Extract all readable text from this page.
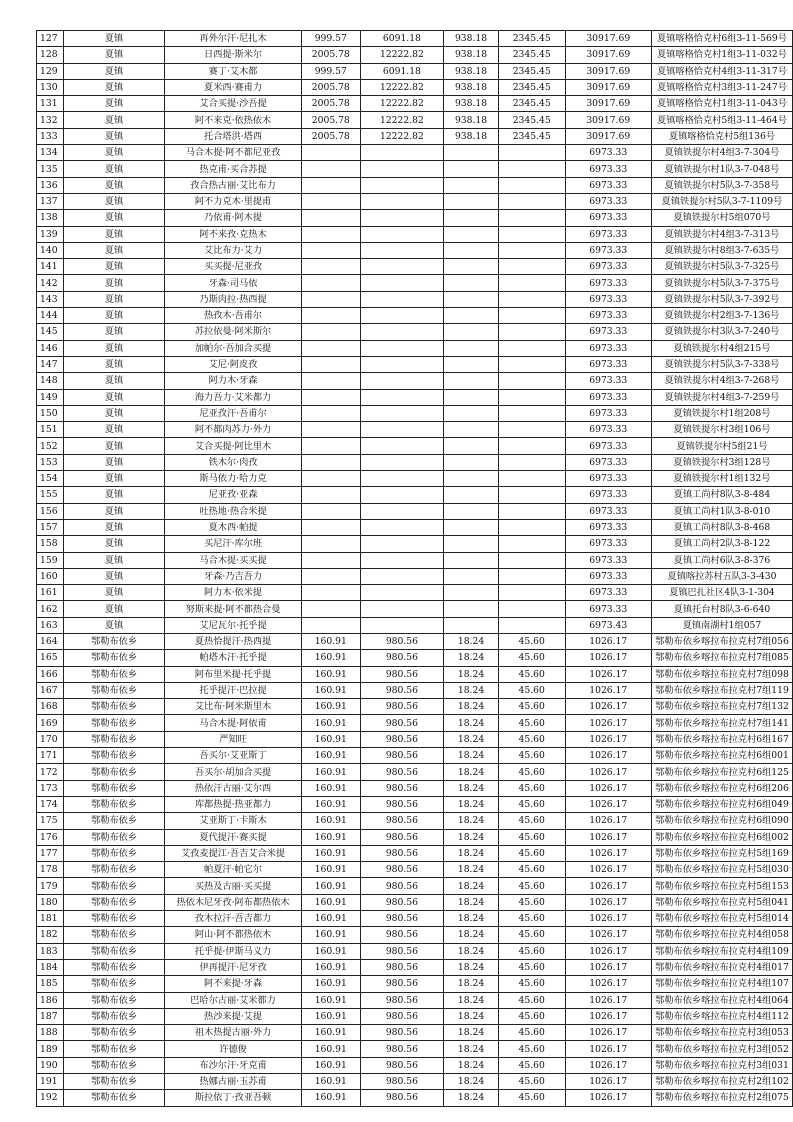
127	夏镇	再外尔汗·尼扎木	999.57	6091.18	938.18	2345.45	30917.69	夏镇喀格恰克村6组3-11-569号
128	夏镇	日西提·斯米尔	2005.78	12222.82	938.18	2345.45	30917.69	夏镇喀格恰克村1组3-11-032号
129	夏镇	赛丁·艾木都	999.57	6091.18	938.18	2345.45	30917.69	夏镇喀格恰克村4组3-11-317号
130	夏镇	夏米西·赛甫力	2005.78	12222.82	938.18	2345.45	30917.69	夏镇喀格恰克村3组3-11-247号
131	夏镇	艾合买提·沙吾提	2005.78	12222.82	938.18	2345.45	30917.69	夏镇喀格恰克村1组3-11-043号
132	夏镇	阿不来克·依热依木	2005.78	12222.82	938.18	2345.45	30917.69	夏镇喀格恰克村5组3-11-464号
133	夏镇	托合塔洪·塔西	2005.78	12222.82	938.18	2345.45	30917.69	夏镇喀格恰克村5组136号
134	夏镇	马合木提·阿不都尼亚孜					6973.33	夏镇铁提尔村4组3-7-304号
135	夏镇	热克甫·买合苏提					6973.33	夏镇铁提尔村1队3-7-048号
136	夏镇	孜合热古丽·艾比布力					6973.33	夏镇铁提尔村5队3-7-358号
137	夏镇	阿不力克木·里提甫					6973.33	夏镇铁提尔村5队3-7-1109号
138	夏镇	乃依甫·阿木提					6973.33	夏镇铁提尔村5组070号
139	夏镇	阿不来孜·克热木					6973.33	夏镇铁提尔村4组3-7-313号
140	夏镇	艾比布力·艾力					6973.33	夏镇铁提尔村8组3-7-635号
141	夏镇	买买提·尼亚孜					6973.33	夏镇铁提尔村5队3-7-325号
142	夏镇	牙森·司马依					6973.33	夏镇铁提尔村5队3-7-375号
143	夏镇	乃斯肉拉·热西提					6973.33	夏镇铁提尔村5队3-7-392号
144	夏镇	热孜木·吾甫尔					6973.33	夏镇铁提尔村2组3-7-136号
145	夏镇	苏拉依曼·阿米斯尔					6973.33	夏镇铁提尔村3队3-7-240号
146	夏镇	加帕尔·吾加合买提					6973.33	夏镇铁提尔村4组215号
147	夏镇	艾尼·阿皮孜					6973.33	夏镇铁提尔村5队3-7-338号
148	夏镇	阿力木·牙森					6973.33	夏镇铁提尔村4组3-7-268号
149	夏镇	海力吾力·艾米都力					6973.33	夏镇铁提尔村4组3-7-259号
150	夏镇	尼亚孜汗·吾甫尔					6973.33	夏镇铁提尔村1组208号
151	夏镇	阿不都肉苏力·外力					6973.33	夏镇铁提尔村3组106号
152	夏镇	艾合买提·阿比里木					6973.33	夏镇铁提尔村5组21号
153	夏镇	铁木尔·肉孜					6973.33	夏镇铁提尔村3组128号
154	夏镇	斯马依力·哈力克					6973.33	夏镇铁提尔村1组132号
155	夏镇	尼亚孜·亚森					6973.33	夏镇工尚村8队3-8-484
156	夏镇	吐热地·热合米提					6973.33	夏镇工尚村1队3-8-010
157	夏镇	夏木西·帕提					6973.33	夏镇工尚村8队3-8-468
158	夏镇	买尼汗·库尔班					6973.33	夏镇工尚村2队3-8-122
159	夏镇	马合木提·买买提					6973.33	夏镇工尚村6队3-8-376
160	夏镇	牙森·乃吉吾力					6973.33	夏镇喀拉苏村五队3-3-430
161	夏镇	阿力木·依米提					6973.33	夏镇巴扎社区4队3-1-304
162	夏镇	努斯来提·阿不都热合曼					6973.33	夏镇托台村8队3-6-640
163	夏镇	艾尼瓦尔·托乎提					6973.43	夏镇南湖村1组057
164	鄂勒布依乡	夏热恰提汗·热西提	160.91	980.56	18.24	45.60	1026.17	鄂勒布依乡喀拉布拉克村7组056
165	鄂勒布依乡	帕塔木汗·托乎提	160.91	980.56	18.24	45.60	1026.17	鄂勒布依乡喀拉布拉克村7组085
166	鄂勒布依乡	阿布里米提·托乎提	160.91	980.56	18.24	45.60	1026.17	鄂勒布依乡喀拉布拉克村7组098
167	鄂勒布依乡	托乎提汗·巴拉提	160.91	980.56	18.24	45.60	1026.17	鄂勒布依乡喀拉布拉克村7组119
168	鄂勒布依乡	艾比布·阿米斯里木	160.91	980.56	18.24	45.60	1026.17	鄂勒布依乡喀拉布拉克村7组132
169	鄂勒布依乡	马合木提·阿依甫	160.91	980.56	18.24	45.60	1026.17	鄂勒布依乡喀拉布拉克村7组141
170	鄂勒布依乡	严知旺	160.91	980.56	18.24	45.60	1026.17	鄂勒布依乡喀拉布拉克村6组167
171	鄂勒布依乡	吾买尔·艾亚斯丁	160.91	980.56	18.24	45.60	1026.17	鄂勒布依乡喀拉布拉克村6组001
172	鄂勒布依乡	吾买尔·胡加合买提	160.91	980.56	18.24	45.60	1026.17	鄂勒布依乡喀拉布拉克村6组125
173	鄂勒布依乡	热依汗古丽·艾尔西	160.91	980.56	18.24	45.60	1026.17	鄂勒布依乡喀拉布拉克村6组206
174	鄂勒布依乡	库都热提·热亚都力	160.91	980.56	18.24	45.60	1026.17	鄂勒布依乡喀拉布拉克村6组049
175	鄂勒布依乡	艾亚斯丁·卡斯木	160.91	980.56	18.24	45.60	1026.17	鄂勒布依乡喀拉布拉克村6组090
176	鄂勒布依乡	夏代提汗·赛买提	160.91	980.56	18.24	45.60	1026.17	鄂勒布依乡喀拉布拉克村6组002
177	鄂勒布依乡	艾孜麦提江·吾吉艾合米提	160.91	980.56	18.24	45.60	1026.17	鄂勒布依乡喀拉布拉克村5组169
178	鄂勒布依乡	帕夏汗·帕它尔	160.91	980.56	18.24	45.60	1026.17	鄂勒布依乡喀拉布拉克村5组030
179	鄂勒布依乡	买热及古丽·买买提	160.91	980.56	18.24	45.60	1026.17	鄂勒布依乡喀拉布拉克村5组153
180	鄂勒布依乡	热依木尼牙孜·阿布都热依木	160.91	980.56	18.24	45.60	1026.17	鄂勒布依乡喀拉布拉克村5组041
181	鄂勒布依乡	孜木拉汗·吾吉都力	160.91	980.56	18.24	45.60	1026.17	鄂勒布依乡喀拉布拉克村5组014
182	鄂勒布依乡	阿山·阿不都热依木	160.91	980.56	18.24	45.60	1026.17	鄂勒布依乡喀拉布拉克村4组058
183	鄂勒布依乡	托乎提·伊斯马义力	160.91	980.56	18.24	45.60	1026.17	鄂勒布依乡喀拉布拉克村4组109
184	鄂勒布依乡	伊再提汗·尼牙孜	160.91	980.56	18.24	45.60	1026.17	鄂勒布依乡喀拉布拉克村4组017
185	鄂勒布依乡	阿不来提·牙森	160.91	980.56	18.24	45.60	1026.17	鄂勒布依乡喀拉布拉克村4组107
186	鄂勒布依乡	巴哈尔古丽·艾米都力	160.91	980.56	18.24	45.60	1026.17	鄂勒布依乡喀拉布拉克村4组064
187	鄂勒布依乡	热沙来提·艾提	160.91	980.56	18.24	45.60	1026.17	鄂勒布依乡喀拉布拉克村4组112
188	鄂勒布依乡	祖木热提古丽·外力	160.91	980.56	18.24	45.60	1026.17	鄂勒布依乡喀拉布拉克村3组053
189	鄂勒布依乡	许德俊	160.91	980.56	18.24	45.60	1026.17	鄂勒布依乡喀拉布拉克村3组052
190	鄂勒布依乡	布沙尔汗·牙克甫	160.91	980.56	18.24	45.60	1026.17	鄂勒布依乡喀拉布拉克村3组031
191	鄂勒布依乡	热娜古丽·玉苏甫	160.91	980.56	18.24	45.60	1026.17	鄂勒布依乡喀拉布拉克村2组102
192	鄂勒布依乡	斯拉依丁·孜亚吾顿	160.91	980.56	18.24	45.60	1026.17	鄂勒布依乡喀拉布拉克村2组075
